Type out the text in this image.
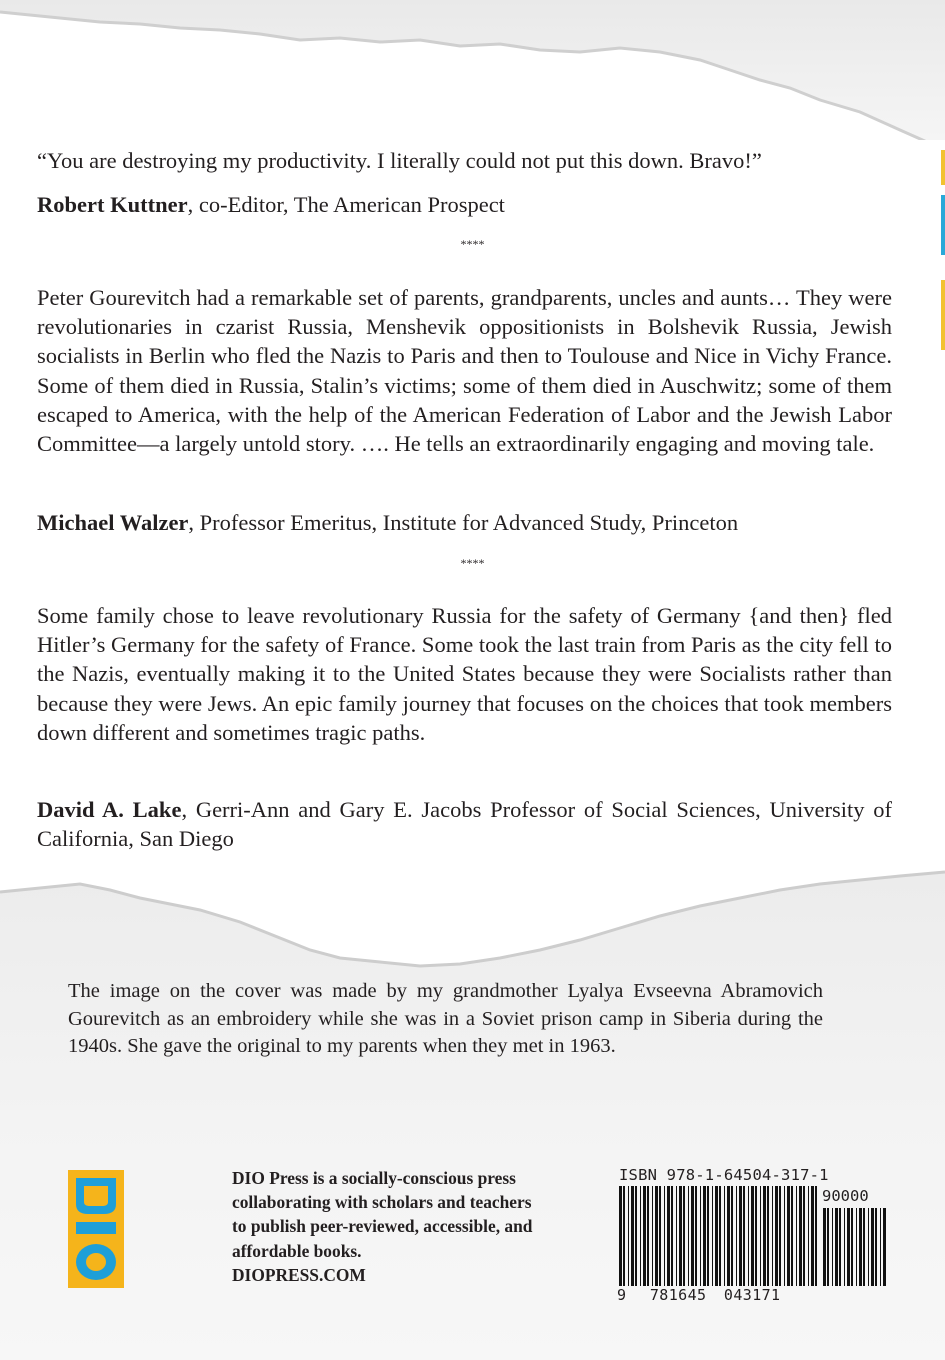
“You are destroying my productivity. I literally could not put this down. Bravo!”

Robert Kuttner, co-Editor, The American Prospect

****

Peter Gourevitch had a remarkable set of parents, grandparents, uncles and aunts… They were revolutionaries in czarist Russia, Menshevik oppositionists in Bolshevik Russia, Jewish socialists in Berlin who fled the Nazis to Paris and then to Toulouse and Nice in Vichy France. Some of them died in Russia, Stalin’s victims; some of them died in Auschwitz; some of them escaped to America, with the help of the American Federation of Labor and the Jewish Labor Committee—a largely untold story. …. He tells an extraordinarily engaging and moving tale.

Michael Walzer, Professor Emeritus, Institute for Advanced Study, Princeton

****

Some family chose to leave revolutionary Russia for the safety of Germany {and then} fled Hitler’s Germany for the safety of France. Some took the last train from Paris as the city fell to the Nazis, eventually making it to the United States because they were Socialists rather than because they were Jews. An epic family journey that focuses on the choices that took members down different and sometimes tragic paths.

David A. Lake, Gerri-Ann and Gary E. Jacobs Professor of Social Sciences, University of California, San Diego

The image on the cover was made by my grandmother Lyalya Evseevna Abramovich Gourevitch as an embroidery while she was in a Soviet prison camp in Siberia during the 1940s. She gave the original to my parents when they met in 1963.

DIO Press is a socially-conscious press
collaborating with scholars and teachers
to publish peer-reviewed, accessible, and
affordable books.
DIOPRESS.COM
ISBN 978-1-64504-317-1
90000
9 781645 043171
